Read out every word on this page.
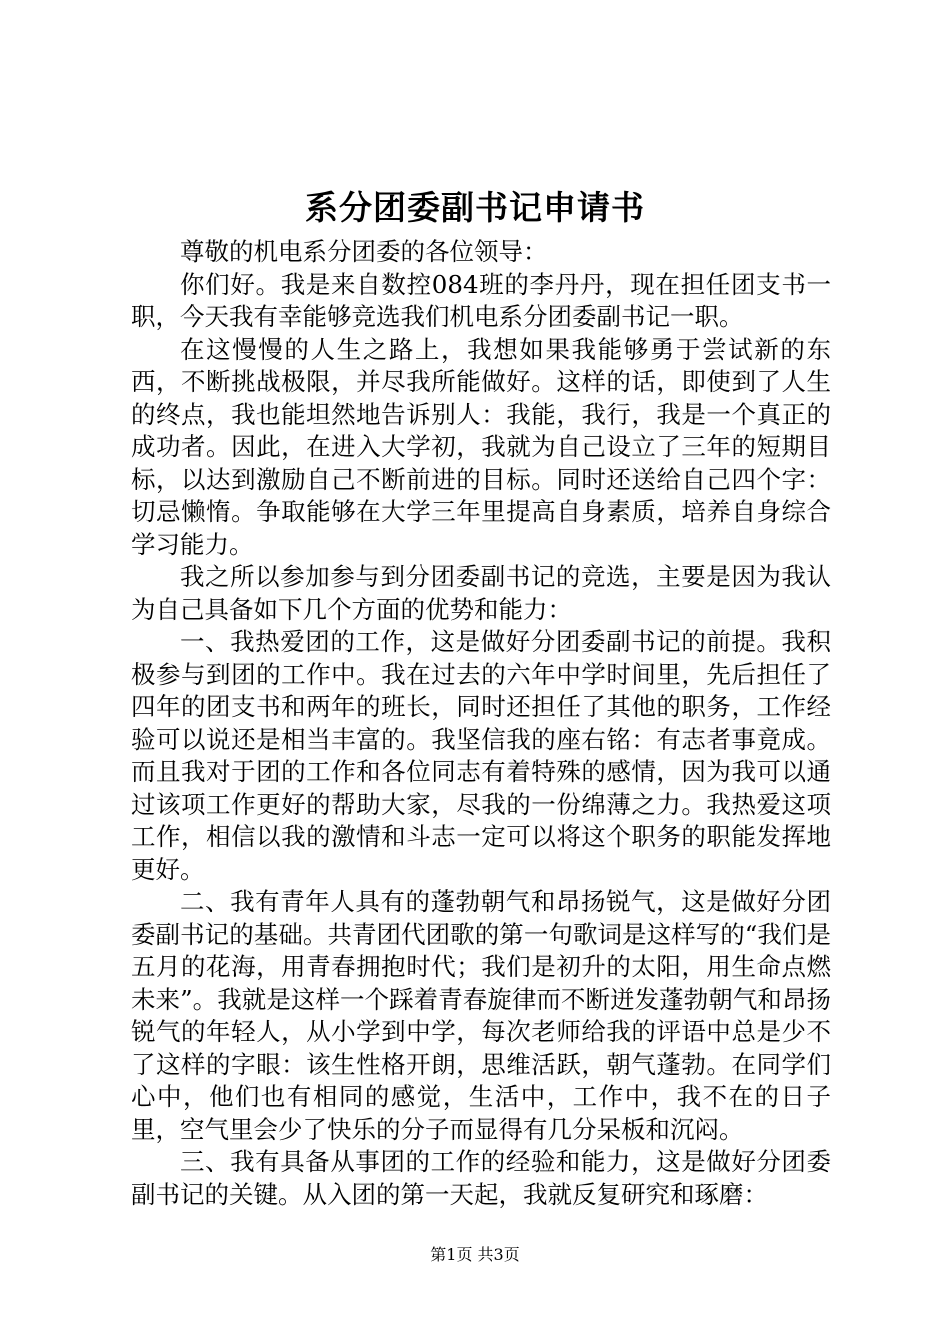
系分团委副书记申请书

尊敬的机电系分团委的各位领导：

你们好。我是来自数控084班的李丹丹，现在担任团支书一职，今天我有幸能够竞选我们机电系分团委副书记一职。

在这慢慢的人生之路上，我想如果我能够勇于尝试新的东西，不断挑战极限，并尽我所能做好。这样的话，即使到了人生的终点，我也能坦然地告诉别人：我能，我行，我是一个真正的成功者。因此，在进入大学初，我就为自己设立了三年的短期目标，以达到激励自己不断前进的目标。同时还送给自己四个字：切忌懒惰。争取能够在大学三年里提高自身素质，培养自身综合学习能力。

我之所以参加参与到分团委副书记的竞选，主要是因为我认为自己具备如下几个方面的优势和能力：

一、我热爱团的工作，这是做好分团委副书记的前提。我积极参与到团的工作中。我在过去的六年中学时间里，先后担任了四年的团支书和两年的班长，同时还担任了其他的职务，工作经验可以说还是相当丰富的。我坚信我的座右铭：有志者事竟成。而且我对于团的工作和各位同志有着特殊的感情，因为我可以通过该项工作更好的帮助大家，尽我的一份绵薄之力。我热爱这项工作，相信以我的激情和斗志一定可以将这个职务的职能发挥地更好。

二、我有青年人具有的蓬勃朝气和昂扬锐气，这是做好分团委副书记的基础。共青团代团歌的第一句歌词是这样写的“我们是五月的花海，用青春拥抱时代；我们是初升的太阳，用生命点燃未来”。我就是这样一个踩着青春旋律而不断迸发蓬勃朝气和昂扬锐气的年轻人，从小学到中学，每次老师给我的评语中总是少不了这样的字眼：该生性格开朗，思维活跃，朝气蓬勃。在同学们心中，他们也有相同的感觉，生活中，工作中，我不在的日子里，空气里会少了快乐的分子而显得有几分呆板和沉闷。

三、我有具备从事团的工作的经验和能力，这是做好分团委副书记的关键。从入团的第一天起，我就反复研究和琢磨：

第1页 共3页
